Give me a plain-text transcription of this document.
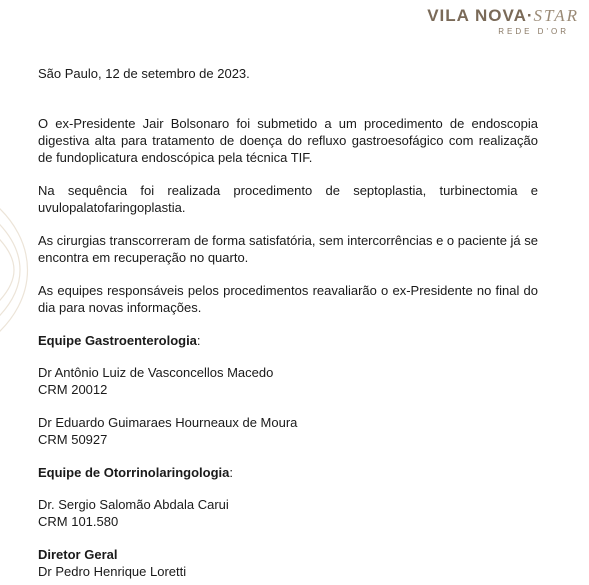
VILA NOVA·STAR
REDE D'OR

São Paulo, 12 de setembro de 2023.

O ex-Presidente Jair Bolsonaro foi submetido a um procedimento de endoscopia digestiva alta para tratamento de doença do refluxo gastroesofágico com realização de fundoplicatura endoscópica pela técnica TIF.

Na sequência foi realizada procedimento de septoplastia, turbinectomia e uvulopalatofaringoplastia.

As cirurgias transcorreram de forma satisfatória, sem intercorrências e o paciente já se encontra em recuperação no quarto.

As equipes responsáveis pelos procedimentos reavaliarão o ex-Presidente no final do dia para novas informações.

Equipe Gastroenterologia:

Dr Antônio Luiz de Vasconcellos Macedo

CRM 20012

Dr Eduardo Guimaraes Hourneaux de Moura

CRM 50927

Equipe de Otorrinolaringologia:

Dr. Sergio Salomão Abdala Carui

CRM 101.580

Diretor Geral

Dr Pedro Henrique Loretti
